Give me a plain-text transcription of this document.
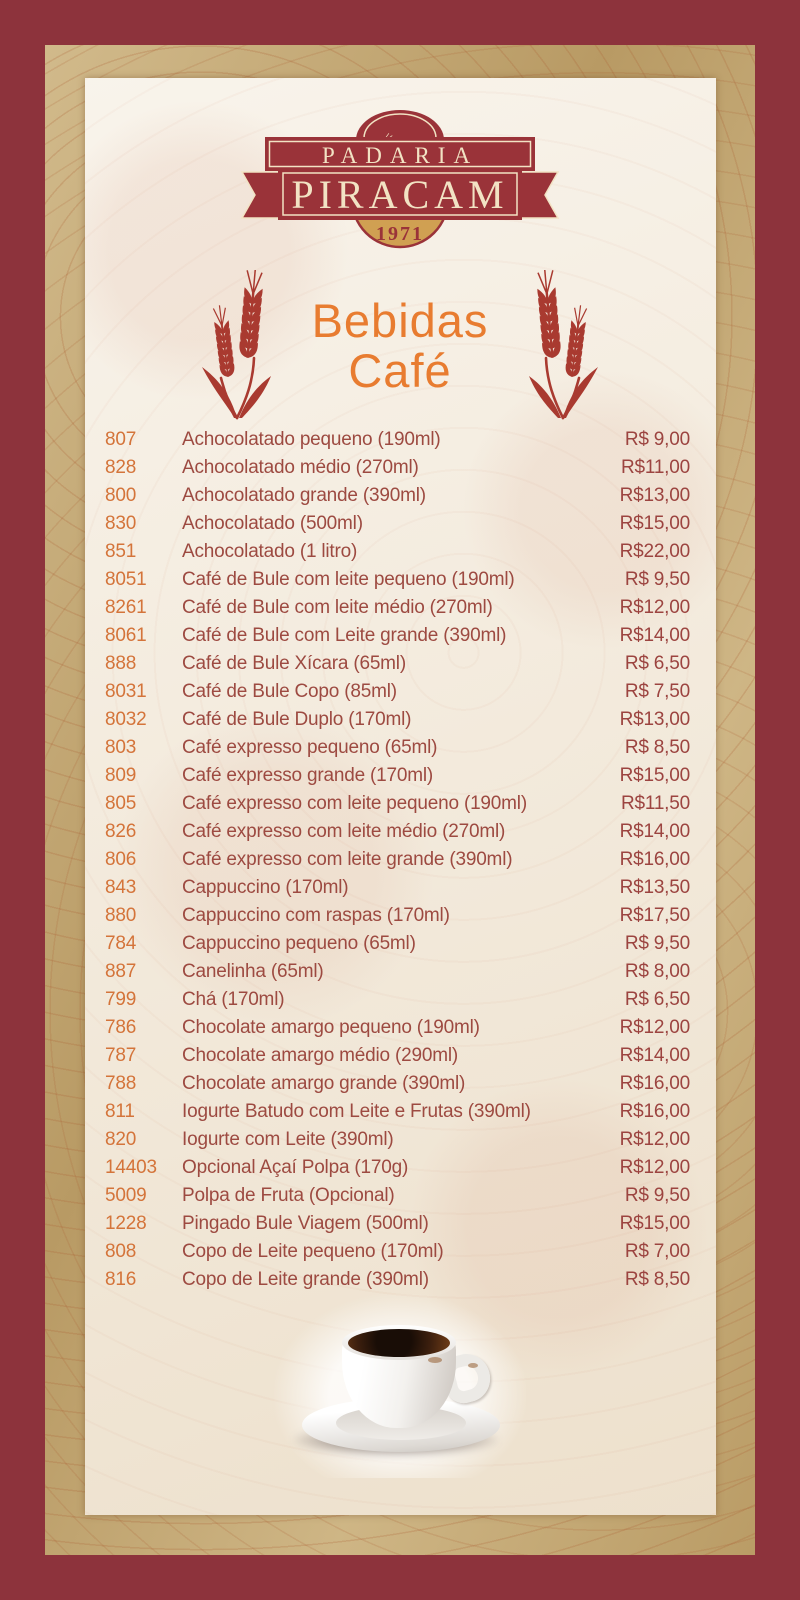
PADARIA
PIRACAM
1971
Bebidas
Café
807	Achocolatado pequeno (190ml)	R$ 9,00
828	Achocolatado médio (270ml)	R$11,00
800	Achocolatado grande (390ml)	R$13,00
830	Achocolatado (500ml)	R$15,00
851	Achocolatado (1 litro)	R$22,00
8051	Café de Bule com leite pequeno (190ml)	R$ 9,50
8261	Café de Bule com leite médio (270ml)	R$12,00
8061	Café de Bule com Leite grande (390ml)	R$14,00
888	Café de Bule Xícara (65ml)	R$ 6,50
8031	Café de Bule Copo (85ml)	R$ 7,50
8032	Café de Bule Duplo (170ml)	R$13,00
803	Café expresso pequeno (65ml)	R$ 8,50
809	Café expresso grande (170ml)	R$15,00
805	Café expresso com leite pequeno (190ml)	R$11,50
826	Café expresso com leite médio (270ml)	R$14,00
806	Café expresso com leite grande (390ml)	R$16,00
843	Cappuccino (170ml)	R$13,50
880	Cappuccino com raspas (170ml)	R$17,50
784	Cappuccino pequeno (65ml)	R$ 9,50
887	Canelinha (65ml)	R$ 8,00
799	Chá (170ml)	R$ 6,50
786	Chocolate amargo pequeno (190ml)	R$12,00
787	Chocolate amargo médio (290ml)	R$14,00
788	Chocolate amargo grande (390ml)	R$16,00
811	Iogurte Batudo com Leite e Frutas (390ml)	R$16,00
820	Iogurte com Leite (390ml)	R$12,00
14403	Opcional Açaí Polpa (170g)	R$12,00
5009	Polpa de Fruta (Opcional)	R$ 9,50
1228	Pingado Bule Viagem (500ml)	R$15,00
808	Copo de Leite pequeno (170ml)	R$ 7,00
816	Copo de Leite grande (390ml)	R$ 8,50
